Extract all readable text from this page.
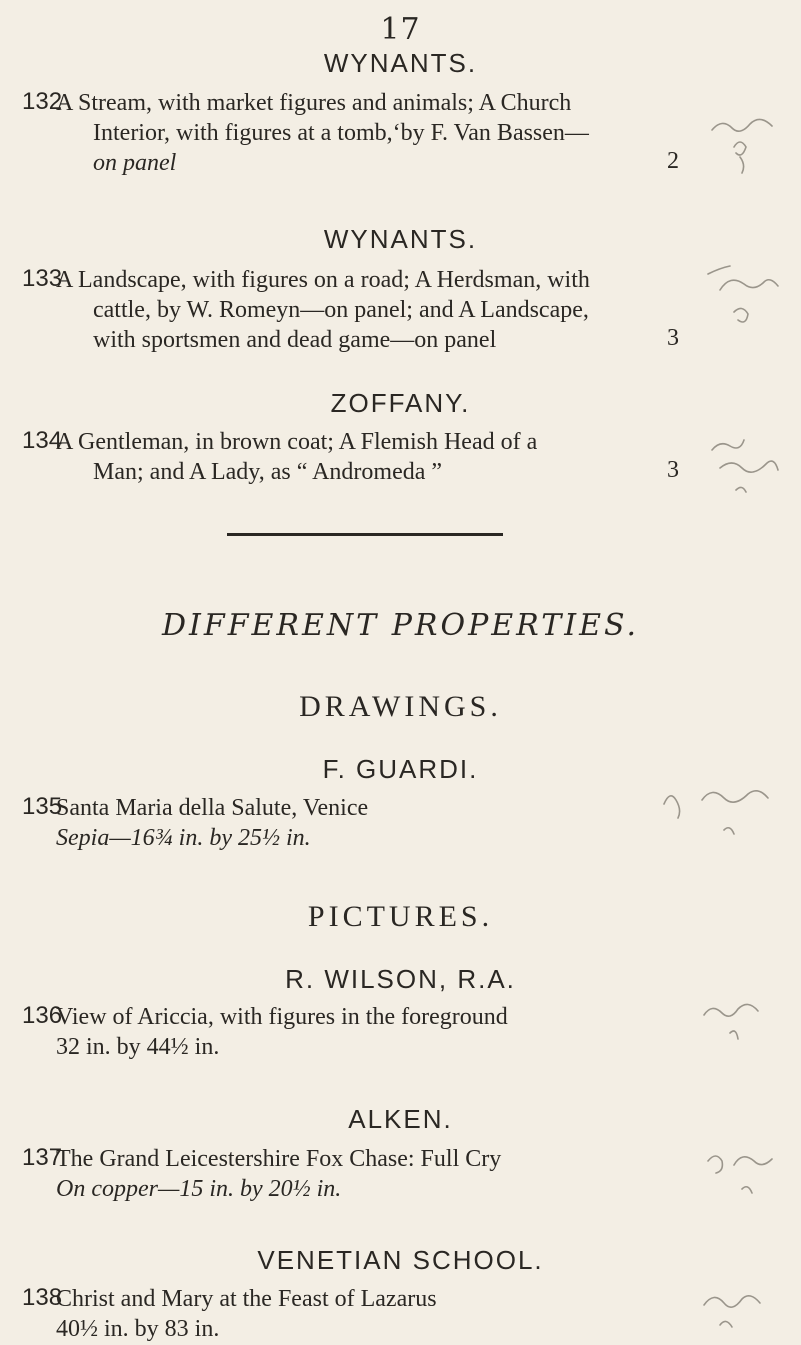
17
WYNANTS.
132
A Stream, with market figures and animals; A Church
Interior, with figures at a tomb,ʻby F. Van Bassen—
on panel	2
WYNANTS.
133
A Landscape, with figures on a road; A Herdsman, with
cattle, by W. Romeyn—on panel; and A Landscape,
with sportsmen and dead game—on panel	3
ZOFFANY.
134
A Gentleman, in brown coat; A Flemish Head of a
Man; and A Lady, as “ Andromeda ”	3
DIFFERENT PROPERTIES.
DRAWINGS.
F. GUARDI.
135
Santa Maria della Salute, Venice
Sepia—16¾ in. by 25½ in.
PICTURES.
R. WILSON, R.A.
136
View of Aricciа, with figures in the foreground
32 in. by 44½ in.
ALKEN.
137
The Grand Leicestershire Fox Chase: Full Cry
On copper—15 in. by 20½ in.
VENETIAN SCHOOL.
138
Christ and Mary at the Feast of Lazarus
40½ in. by 83 in.
